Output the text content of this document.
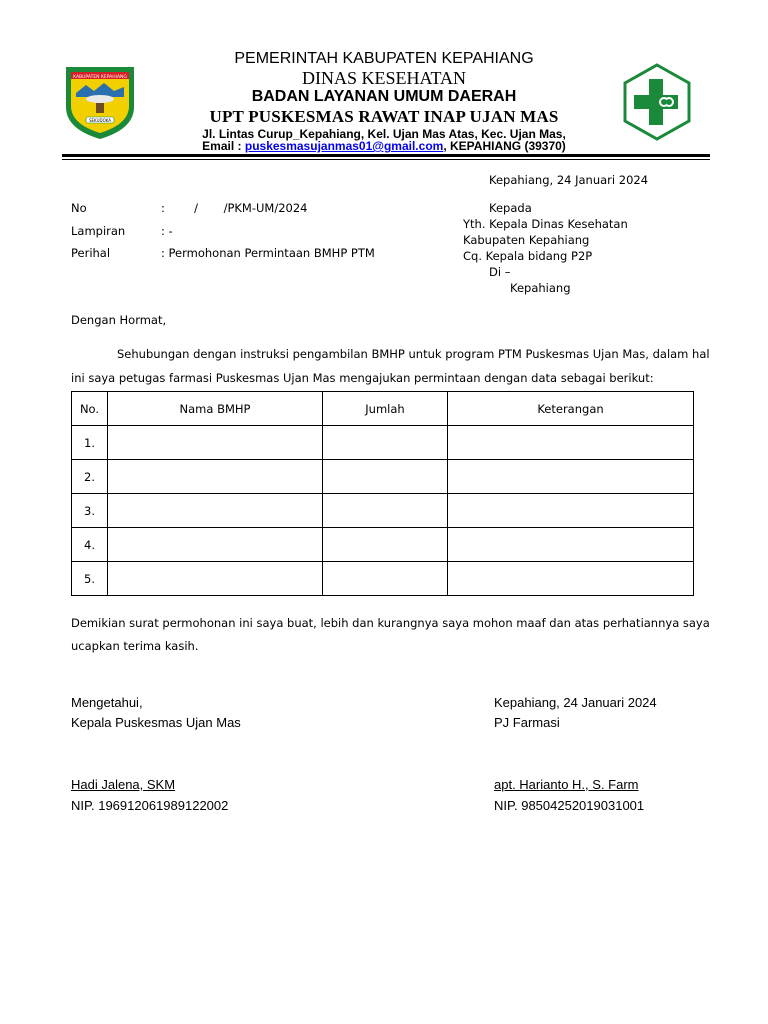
KABUPATEN KEPAHIANG
SEKUDOKA
PEMERINTAH KABUPATEN KEPAHIANG
DINAS KESEHATAN
BADAN LAYANAN UMUM DAERAH
UPT PUSKESMAS RAWAT INAP UJAN MAS
Jl. Lintas Curup_Kepahiang, Kel. Ujan Mas Atas, Kec. Ujan Mas,
Email : puskesmasujanmas01@gmail.com, KEPAHIANG (39370)
Kepahiang, 24 Januari 2024
No	:        /       /PKM-UM/2024
Lampiran	: -
Perihal	: Permohonan Permintaan BMHP PTM
Kepada
Yth. Kepala Dinas Kesehatan
Kabupaten Kepahiang
Cq. Kepala bidang P2P
Di –
Kepahiang
Dengan Hormat,
Sehubungan dengan instruksi pengambilan BMHP untuk program PTM Puskesmas Ujan Mas, dalam hal
ini saya petugas farmasi Puskesmas Ujan Mas mengajukan permintaan dengan data sebagai berikut:
No.	Nama BMHP	Jumlah	Keterangan
1.			
2.			
3.			
4.			
5.			
Demikian surat permohonan ini saya buat, lebih dan kurangnya saya mohon maaf dan atas perhatiannya saya
ucapkan terima kasih.
Mengetahui,
Kepala Puskesmas Ujan Mas
Hadi Jalena, SKM
NIP. 196912061989122002
Kepahiang, 24 Januari 2024
PJ Farmasi
apt. Harianto H., S. Farm
NIP. 98504252019031001
